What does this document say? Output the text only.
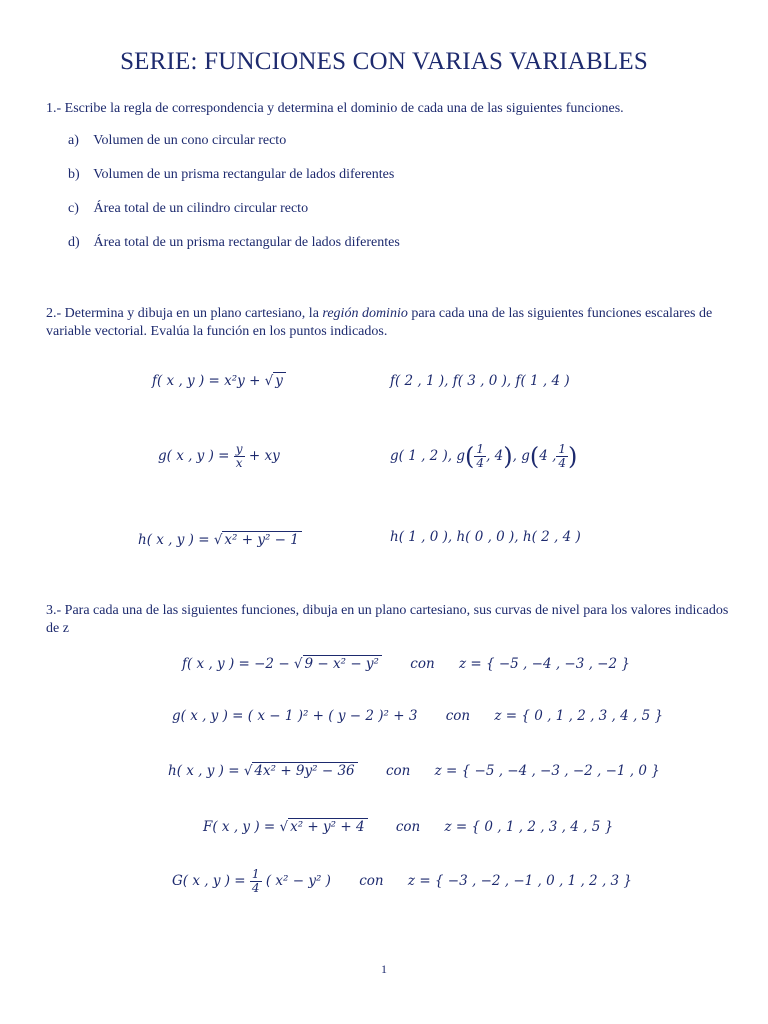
SERIE: FUNCIONES CON VARIAS VARIABLES
1.- Escribe la regla de correspondencia y determina el dominio de cada una de las siguientes funciones.
a) Volumen de un cono circular recto
b) Volumen de un prisma rectangular de lados diferentes
c) Área total de un cilindro circular recto
d) Área total de un prisma rectangular de lados diferentes
2.- Determina y dibuja en un plano cartesiano, la región dominio para cada una de las siguientes funciones escalares de
variable vectorial. Evalúa la función en los puntos indicados.
f( x , y ) = x²y + √ y	f( 2 , 1 ), f( 3 , 0 ), f( 1 , 4 )
g( x , y ) = $\frac{y}{x}$ + xy	g( 1 , 2 ), $g( \frac{1}{4}$ , 4), g(4 , $\frac{1}{4}$ )
h( x , y ) = √ x² + y² − 1	h( 1 , 0 ), h( 0 , 0 ), h( 2 , 4 )
3.- Para cada una de las siguientes funciones, dibuja en un plano cartesiano, sus curvas de nivel para los valores indicados
de z
f( x , y ) = −2 − √ 9 − x² − y² con z = { −5 , −4 , −3 , −2 }
g( x , y ) = ( x − 1 )² + ( y − 2 )² + 3 con z = { 0 , 1 , 2 , 3 , 4 , 5 }
h( x , y ) = √ 4x² + 9y² − 36 con z = { −5 , −4 , −3 , −2 , −1 , 0 }
F( x , y ) = √ x² + y² + 4 con z = { 0 , 1 , 2 , 3 , 4 , 5 }
G( x , y ) = $\frac{1}{4}$ ( x² − y² ) con z = { −3 , −2 , −1 , 0 , 1 , 2 , 3 }
1
